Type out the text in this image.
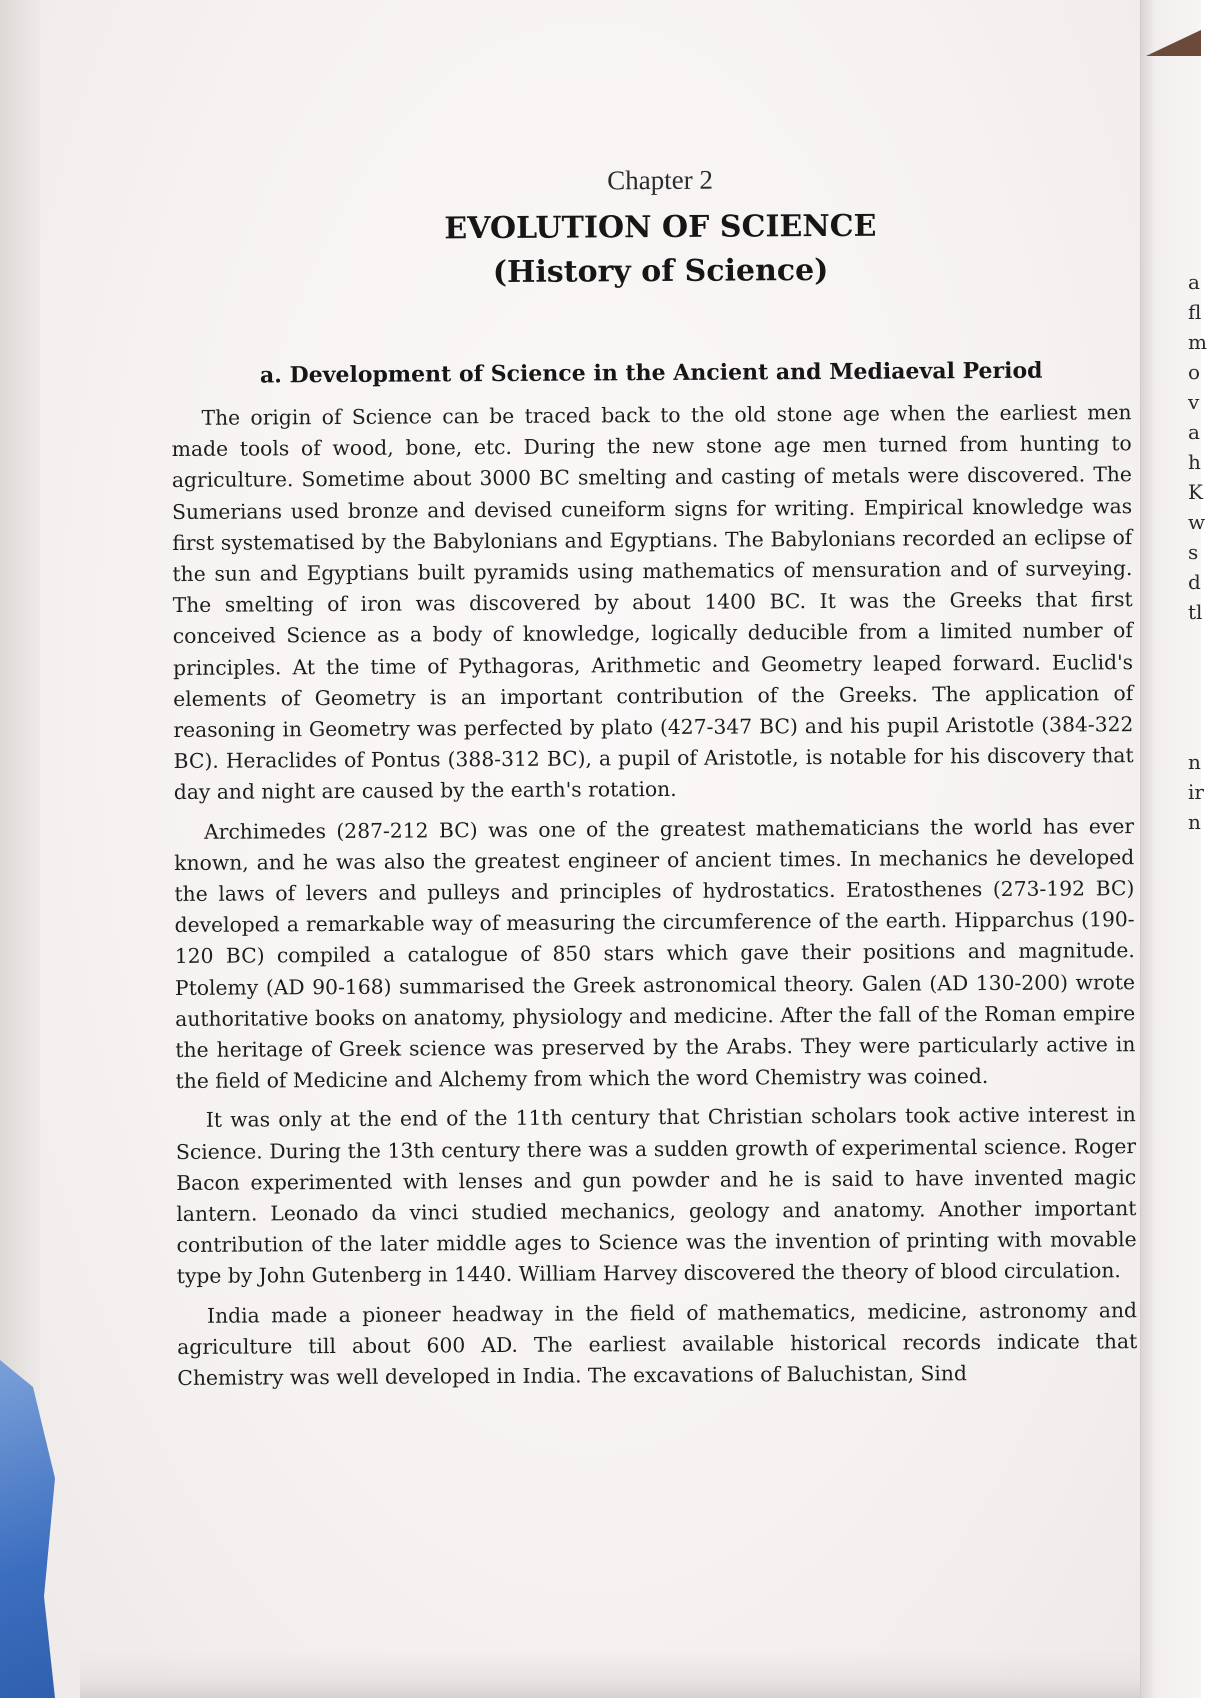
a
fl
m
o
v
a
h
K
w
s
d
tl
n
ir
n
Chapter 2
EVOLUTION OF SCIENCE
(History of Science)
a. Development of Science in the Ancient and Mediaeval Period

The origin of Science can be traced back to the old stone age when the earliest men made tools of wood, bone, etc. During the new stone age men turned from hunting to agriculture. Sometime about 3000 BC smelting and casting of metals were discovered. The Sumerians used bronze and devised cuneiform signs for writing. Empirical knowledge was first systematised by the Babylonians and Egyptians. The Babylonians recorded an eclipse of the sun and Egyptians built pyramids using mathematics of mensuration and of surveying. The smelting of iron was discovered by about 1400 BC. It was the Greeks that first conceived Science as a body of knowledge, logically deducible from a limited number of principles. At the time of Pythagoras, Arithmetic and Geometry leaped forward. Euclid's elements of Geometry is an important contribution of the Greeks. The application of reasoning in Geometry was perfected by plato (427-347 BC) and his pupil Aristotle (384-322 BC). Heraclides of Pontus (388-312 BC), a pupil of Aristotle, is notable for his discovery that day and night are caused by the earth's rotation.

Archimedes (287-212 BC) was one of the greatest mathematicians the world has ever known, and he was also the greatest engineer of ancient times. In mechanics he developed the laws of levers and pulleys and principles of hydrostatics. Eratosthenes (273-192 BC) developed a remarkable way of measuring the circumference of the earth. Hipparchus (190-120 BC) compiled a catalogue of 850 stars which gave their positions and magnitude. Ptolemy (AD 90-168) summarised the Greek astronomical theory. Galen (AD 130-200) wrote authoritative books on anatomy, physiology and medicine. After the fall of the Roman empire the heritage of Greek science was preserved by the Arabs. They were particularly active in the field of Medicine and Alchemy from which the word Chemistry was coined.

It was only at the end of the 11th century that Christian scholars took active interest in Science. During the 13th century there was a sudden growth of experimental science. Roger Bacon experimented with lenses and gun powder and he is said to have invented magic lantern. Leonado da vinci studied mechanics, geology and anatomy. Another important contribution of the later middle ages to Science was the invention of printing with movable type by John Gutenberg in 1440. William Harvey discovered the theory of blood circulation.

India made a pioneer headway in the field of mathematics, medicine, astronomy and agriculture till about 600 AD. The earliest available historical records indicate that Chemistry was well developed in India. The excavations of Baluchistan, Sind
